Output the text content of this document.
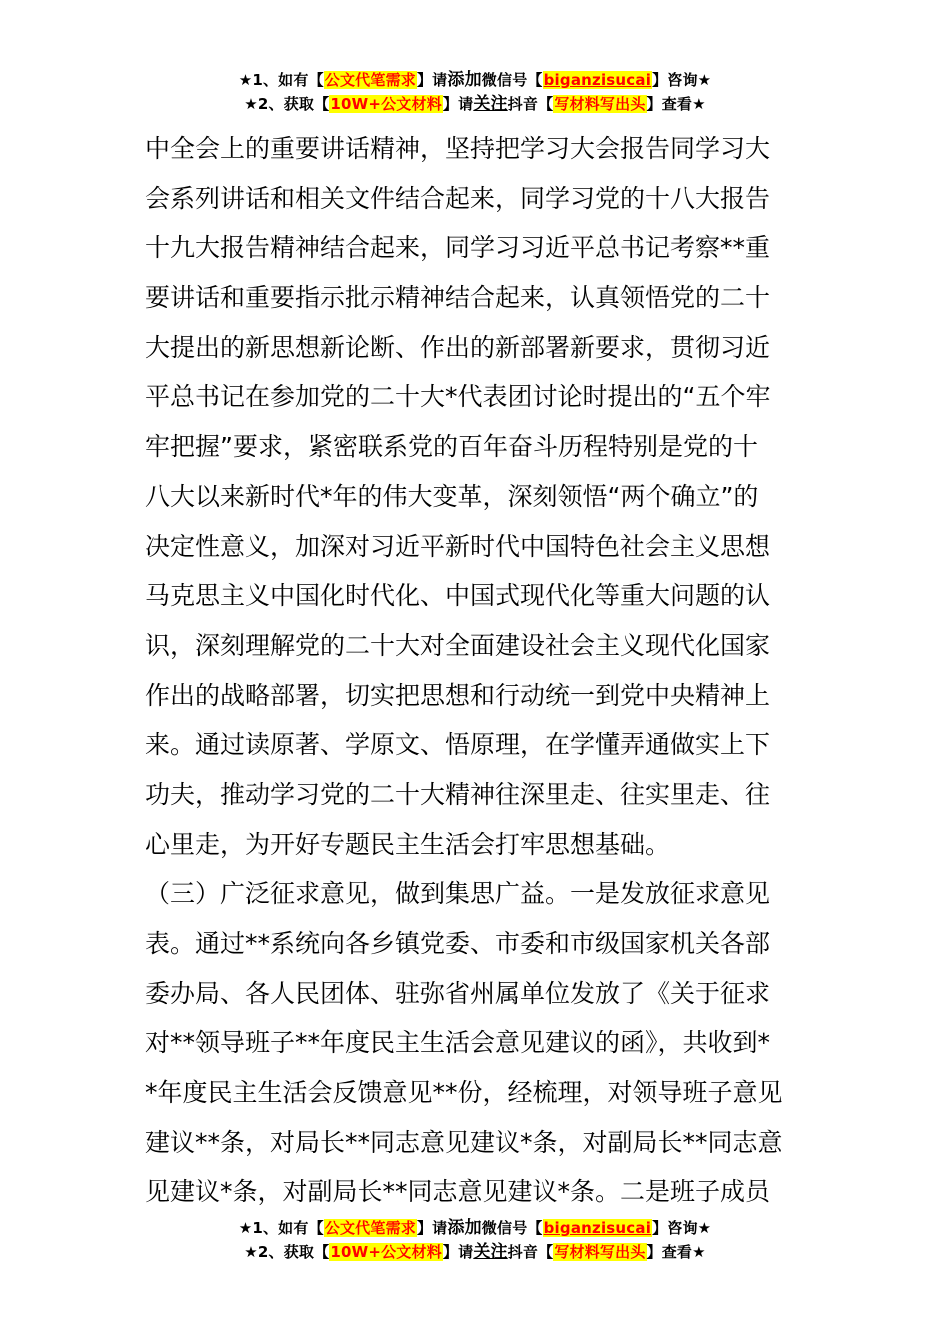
★1、如有【公文代笔需求】请添加微信号【biganzisucai】咨询★
★2、获取【10W+公文材料】请关注抖音【写材料写出头】查看★
中全会上的重要讲话精神，坚持把学习大会报告同学习大
会系列讲话和相关文件结合起来，同学习党的十八大报告
十九大报告精神结合起来，同学习习近平总书记考察**重
要讲话和重要指示批示精神结合起来，认真领悟党的二十
大提出的新思想新论断、作出的新部署新要求，贯彻习近
平总书记在参加党的二十大*代表团讨论时提出的“五个牢
牢把握”要求，紧密联系党的百年奋斗历程特别是党的十
八大以来新时代*年的伟大变革，深刻领悟“两个确立”的
决定性意义，加深对习近平新时代中国特色社会主义思想
马克思主义中国化时代化、中国式现代化等重大问题的认
识，深刻理解党的二十大对全面建设社会主义现代化国家
作出的战略部署，切实把思想和行动统一到党中央精神上
来。通过读原著、学原文、悟原理，在学懂弄通做实上下
功夫，推动学习党的二十大精神往深里走、往实里走、往
心里走，为开好专题民主生活会打牢思想基础。
（三）广泛征求意见，做到集思广益。一是发放征求意见
表。通过**系统向各乡镇党委、市委和市级国家机关各部
委办局、各人民团体、驻弥省州属单位发放了《关于征求
对**领导班子**年度民主生活会意见建议的函》，共收到*
*年度民主生活会反馈意见**份，经梳理，对领导班子意见
建议**条，对局长**同志意见建议*条，对副局长**同志意
见建议*条，对副局长**同志意见建议*条。二是班子成员
★1、如有【公文代笔需求】请添加微信号【biganzisucai】咨询★
★2、获取【10W+公文材料】请关注抖音【写材料写出头】查看★
